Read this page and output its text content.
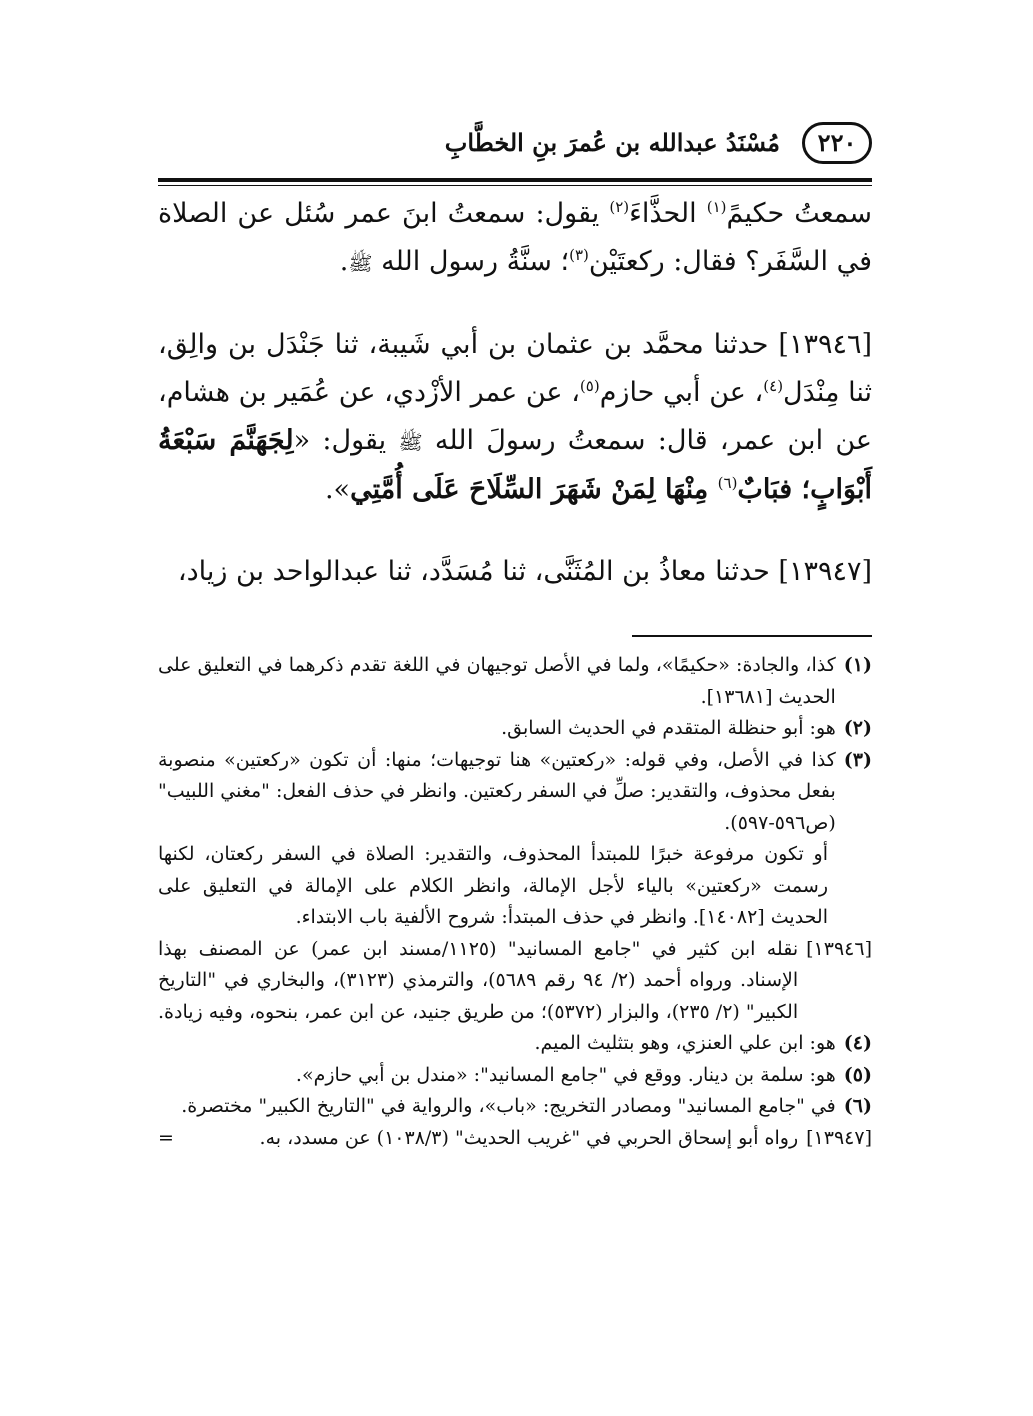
٢٢٠
مُسْنَدُ عبدالله بن عُمرَ بنِ الخطَّابِ

سمعتُ حكيمً$^{(١)}$ الحذَّاءَ$^{(٢)}$ يقول: سمعتُ ابنَ عمر سُئل عن الصلاة في السَّفَر؟ فقال: ركعتَيْن$^{(٣)}$؛ سنَّةُ رسول الله ﷺ.

[١٣٩٤٦] حدثنا محمَّد بن عثمان بن أبي شَيبة، ثنا جَنْدَل بن والِق، ثنا مِنْدَل$^{(٤)}$، عن أبي حازم$^{(٥)}$، عن عمر الأزْدي، عن عُمَير بن هشام، عن ابن عمر، قال: سمعتُ رسولَ الله ﷺ يقول: «لِجَهَنَّمَ سَبْعَةُ أَبْوَابٍ؛ فبَابٌ$^{(٦)}$ مِنْهَا لِمَنْ شَهَرَ السِّلَاحَ عَلَى أُمَّتِي».

[١٣٩٤٧] حدثنا معاذُ بن المُثَنَّى، ثنا مُسَدَّد، ثنا عبدالواحد بن زياد،

(١)
كذا، والجادة: «حكيمًا»، ولما في الأصل توجيهان في اللغة تقدم ذكرهما في التعليق على الحديث [١٣٦٨١].
(٢)
هو: أبو حنظلة المتقدم في الحديث السابق.
(٣)
كذا في الأصل، وفي قوله: «ركعتين» هنا توجيهات؛ منها: أن تكون «ركعتين» منصوبة بفعل محذوف، والتقدير: صلِّ في السفر ركعتين. وانظر في حذف الفعل: "مغني اللبيب" (ص٥٩٦-٥٩٧).
أو تكون مرفوعة خبرًا للمبتدأ المحذوف، والتقدير: الصلاة في السفر ركعتان، لكنها رسمت «ركعتين» بالياء لأجل الإمالة، وانظر الكلام على الإمالة في التعليق على الحديث [١٤٠٨٢]. وانظر في حذف المبتدأ: شروح الألفية باب الابتداء.
[١٣٩٤٦]
نقله ابن كثير في "جامع المسانيد" (١١٢٥/مسند ابن عمر) عن المصنف بهذا الإسناد. ورواه أحمد (٢/ ٩٤ رقم ٥٦٨٩)، والترمذي (٣١٢٣)، والبخاري في "التاريخ الكبير" (٢/ ٢٣٥)، والبزار (٥٣٧٢)؛ من طريق جنيد، عن ابن عمر، بنحوه، وفيه زيادة.
(٤)
هو: ابن علي العنزي، وهو بتثليث الميم.
(٥)
هو: سلمة بن دينار. ووقع في "جامع المسانيد": «مندل بن أبي حازم».
(٦)
في "جامع المسانيد" ومصادر التخريج: «باب»، والرواية في "التاريخ الكبير" مختصرة.
[١٣٩٤٧]
رواه أبو إسحاق الحربي في "غريب الحديث" (١٠٣٨/٣) عن مسدد، به.
=
